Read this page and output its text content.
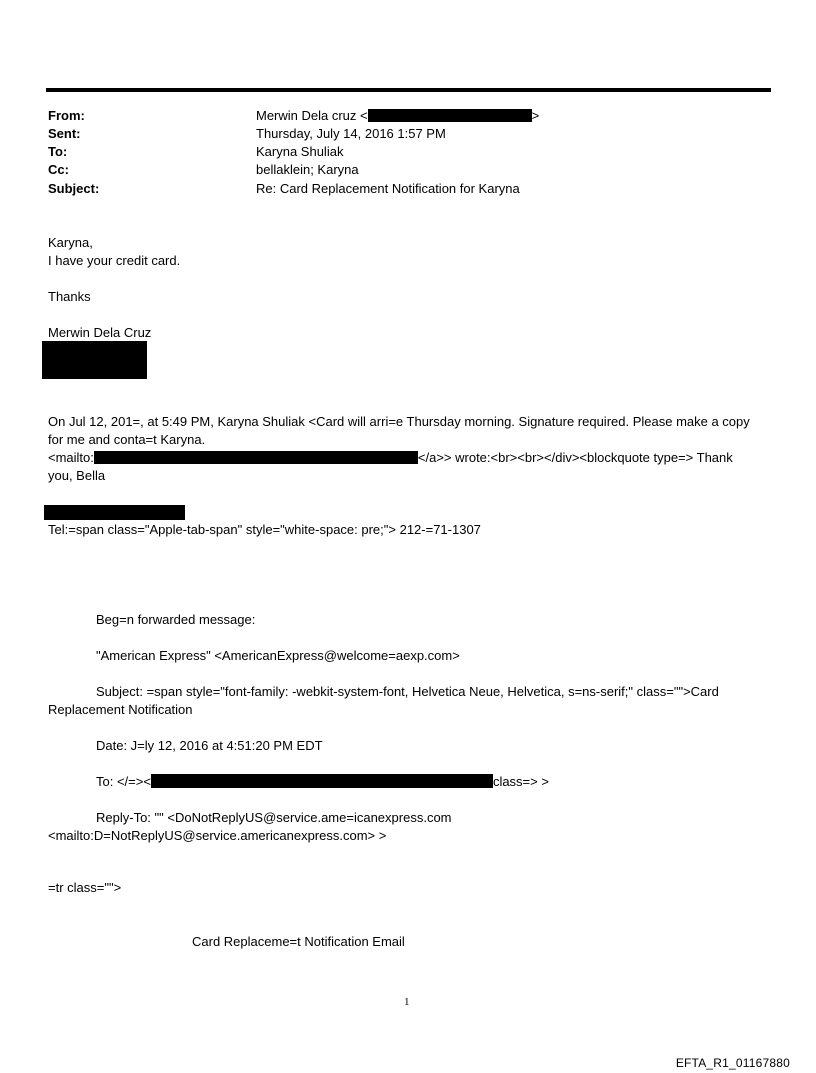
From:	Merwin Dela cruz <	>
Sent:	Thursday, July 14, 2016 1:57 PM
To:	Karyna Shuliak
Cc:	bellaklein; Karyna
Subject:	Re: Card Replacement Notification for Karyna
Karyna,
I have your credit card.
Thanks
Merwin Dela Cruz
On Jul 12, 201=, at 5:49 PM, Karyna Shuliak <Card will arri=e Thursday morning. Signature required. Please make a copy for me and conta=t Karyna.
<mailto:	</a>> wrote:<br><br></div><blockquote type=> Thank
you, Bella
Tel:=span class="Apple-tab-span" style="white-space: pre;"> 212-=71-1307
Beg=n forwarded message:
"American Express" <AmericanExpress@welcome=aexp.com>
Subject: =span style="font-family: -webkit-system-font, Helvetica Neue, Helvetica, s=ns-serif;" class="">Card
Replacement Notification
Date: J=ly 12, 2016 at 4:51:20 PM EDT
To: </=><	class=> >
Reply-To: "" <DoNotReplyUS@service.ame=icanexpress.com
<mailto:D=NotReplyUS@service.americanexpress.com> >
=tr class="">
Card Replaceme=t Notification Email
1
EFTA_R1_01167880
